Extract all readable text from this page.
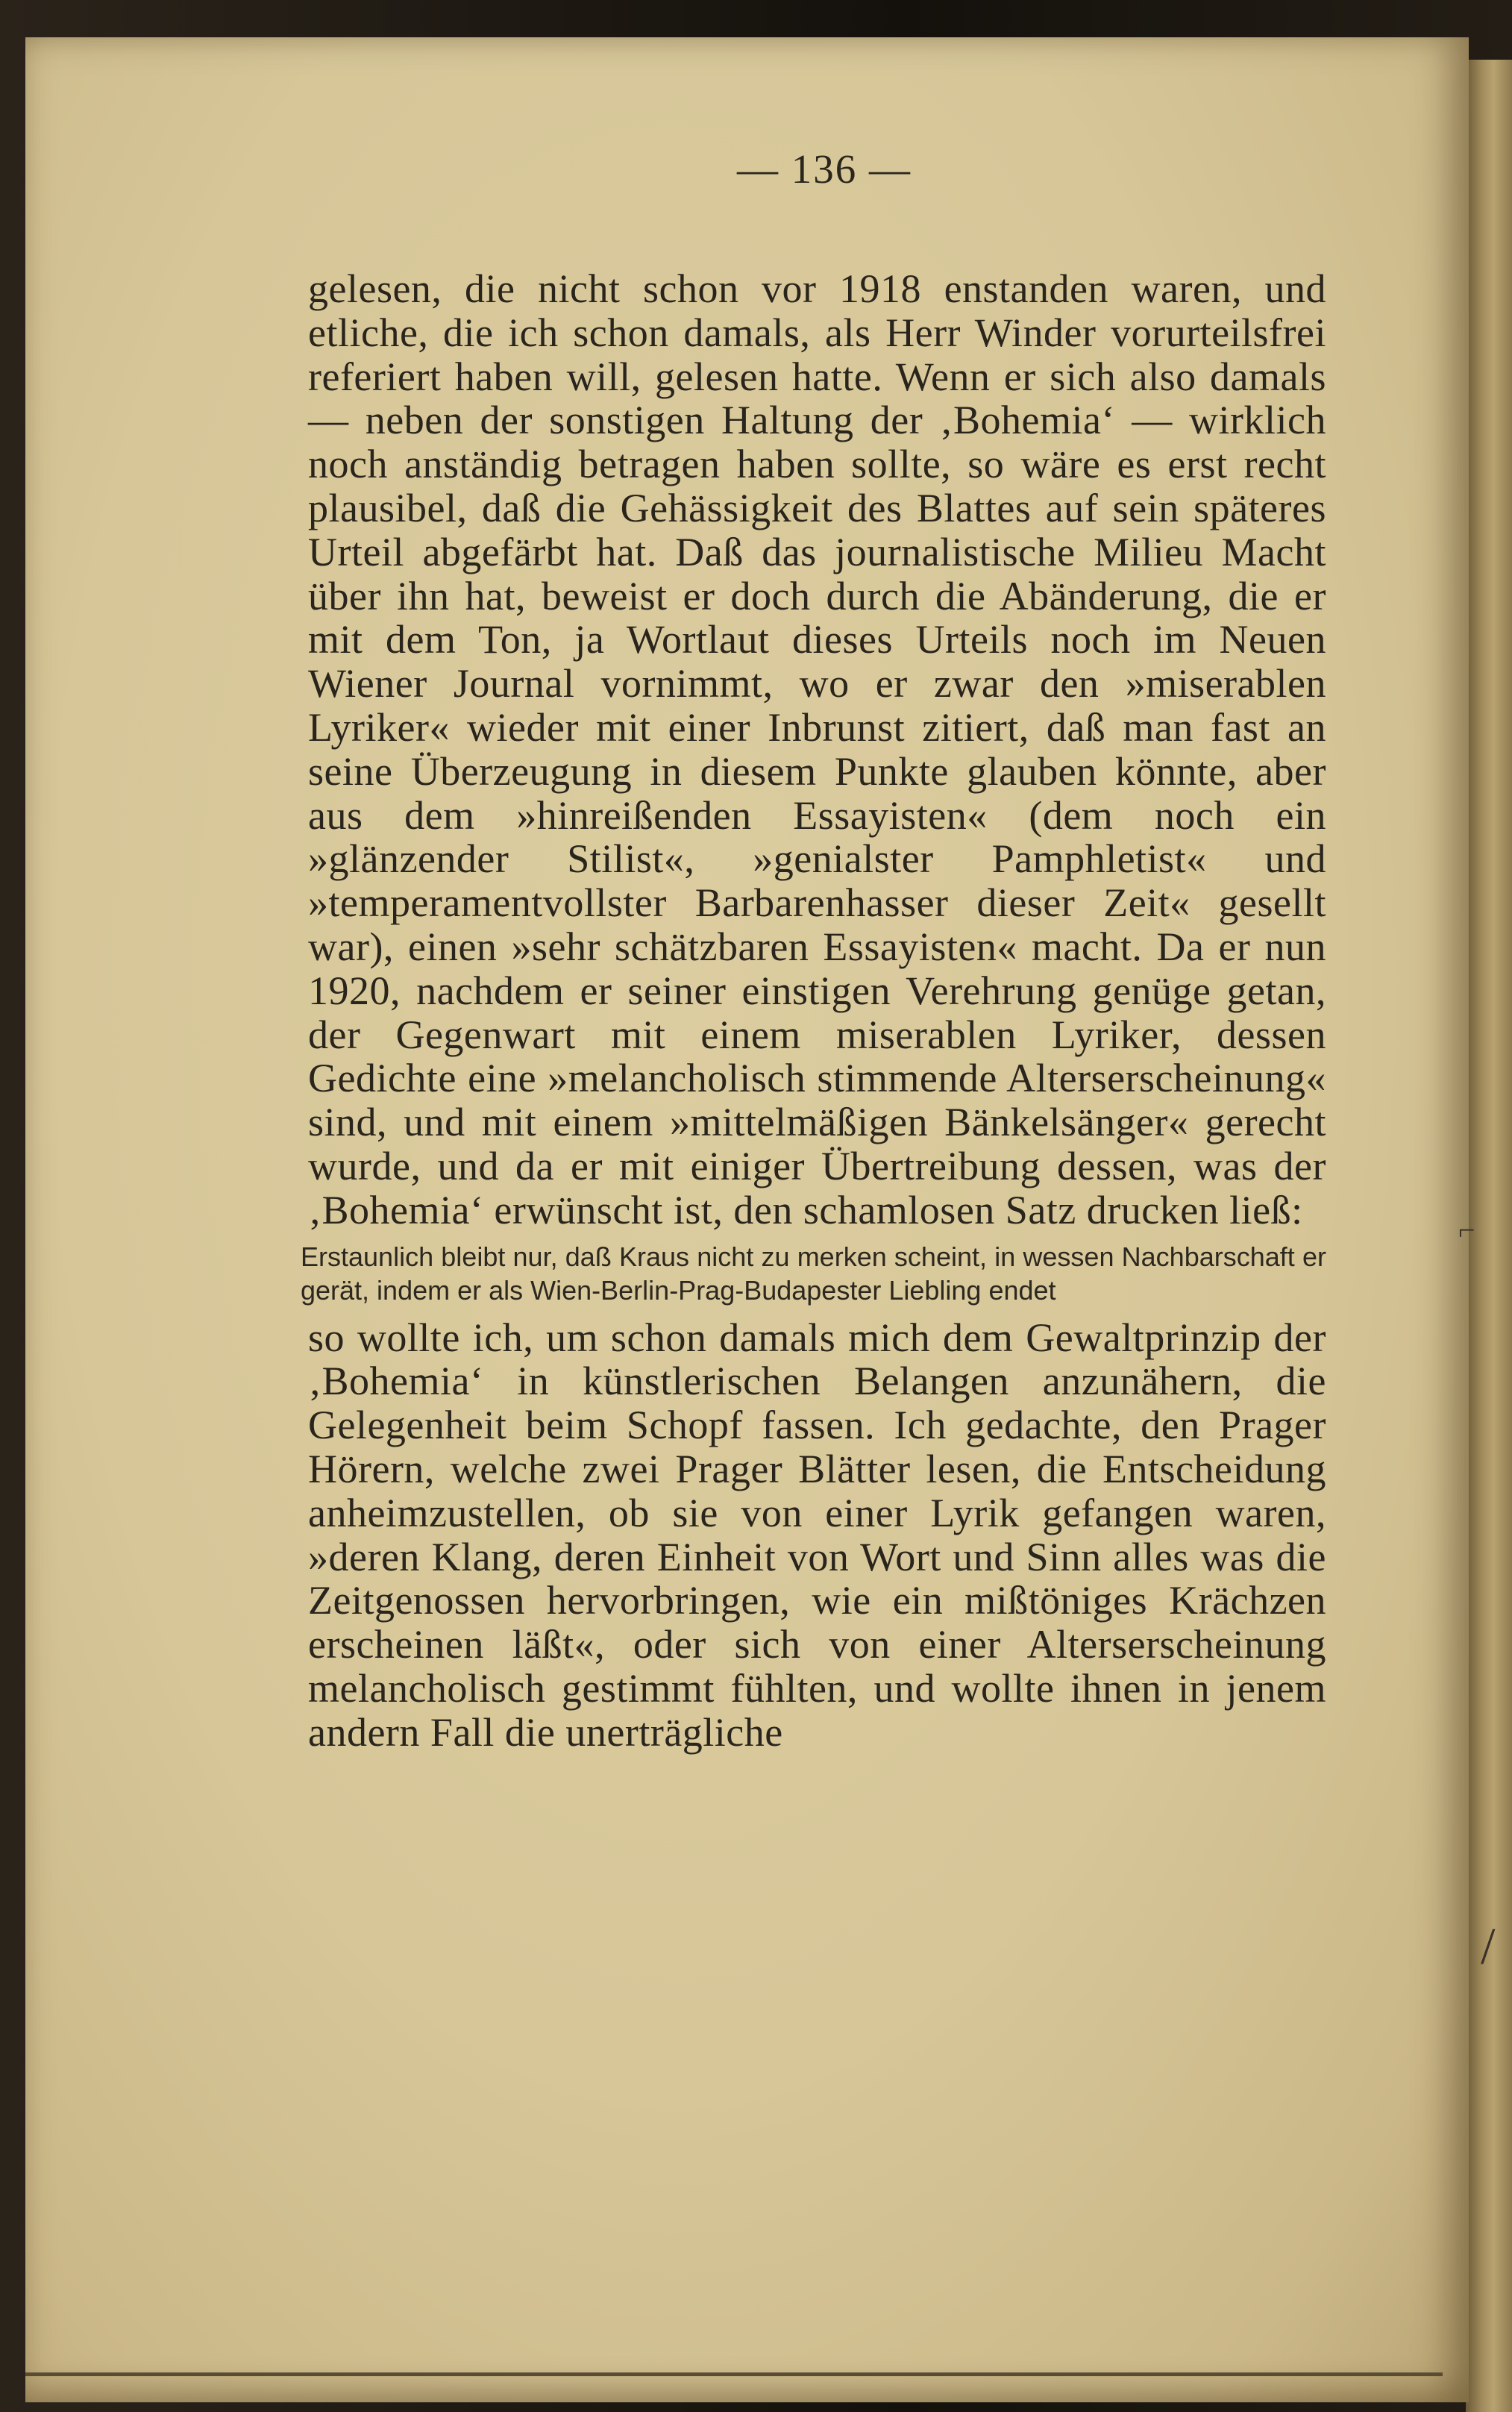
— 136 —

gelesen, die nicht schon vor 1918 enstanden waren, und etliche, die ich schon damals, als Herr Winder vorurteilsfrei referiert haben will, gelesen hatte. Wenn er sich also damals — neben der sonstigen Haltung der ‚Bohemia‘ — wirklich noch anständig betragen haben sollte, so wäre es erst recht plausibel, daß die Gehässigkeit des Blattes auf sein späteres Urteil abgefärbt hat. Daß das journalistische Milieu Macht über ihn hat, beweist er doch durch die Abänderung, die er mit dem Ton, ja Wortlaut dieses Urteils noch im Neuen Wiener Journal vornimmt, wo er zwar den »miserablen Lyriker« wieder mit einer Inbrunst zitiert, daß man fast an seine Überzeugung in diesem Punkte glauben könnte, aber aus dem »hinreißenden Essayisten« (dem noch ein »glänzender Stilist«, »genialster Pamphletist« und »temperamentvollster Barbarenhasser dieser Zeit« gesellt war), einen »sehr schätzbaren Essayisten« macht. Da er nun 1920, nachdem er seiner einstigen Verehrung genüge getan, der Gegenwart mit einem miserablen Lyriker, dessen Gedichte eine »melancholisch stimmende Alterserscheinung« sind, und mit einem »mittelmäßigen Bänkelsänger« gerecht wurde, und da er mit einiger Übertreibung dessen, was der ‚Bohemia‘ erwünscht ist, den schamlosen Satz drucken ließ:

Erstaunlich bleibt nur, daß Kraus nicht zu merken scheint, in wessen Nachbarschaft er gerät, indem er als Wien-Berlin-Prag-Budapester Liebling endet

so wollte ich, um schon damals mich dem Gewaltprinzip der ‚Bohemia‘ in künstlerischen Belangen anzunähern, die Gelegenheit beim Schopf fassen. Ich gedachte, den Prager Hörern, welche zwei Prager Blätter lesen, die Entscheidung anheimzustellen, ob sie von einer Lyrik gefangen waren, »deren Klang, deren Einheit von Wort und Sinn alles was die Zeitgenossen hervorbringen, wie ein mißtöniges Krächzen erscheinen läßt«, oder sich von einer Alterserscheinung melancholisch gestimmt fühlten, und wollte ihnen in jenem andern Fall die unerträgliche

⌐
/
